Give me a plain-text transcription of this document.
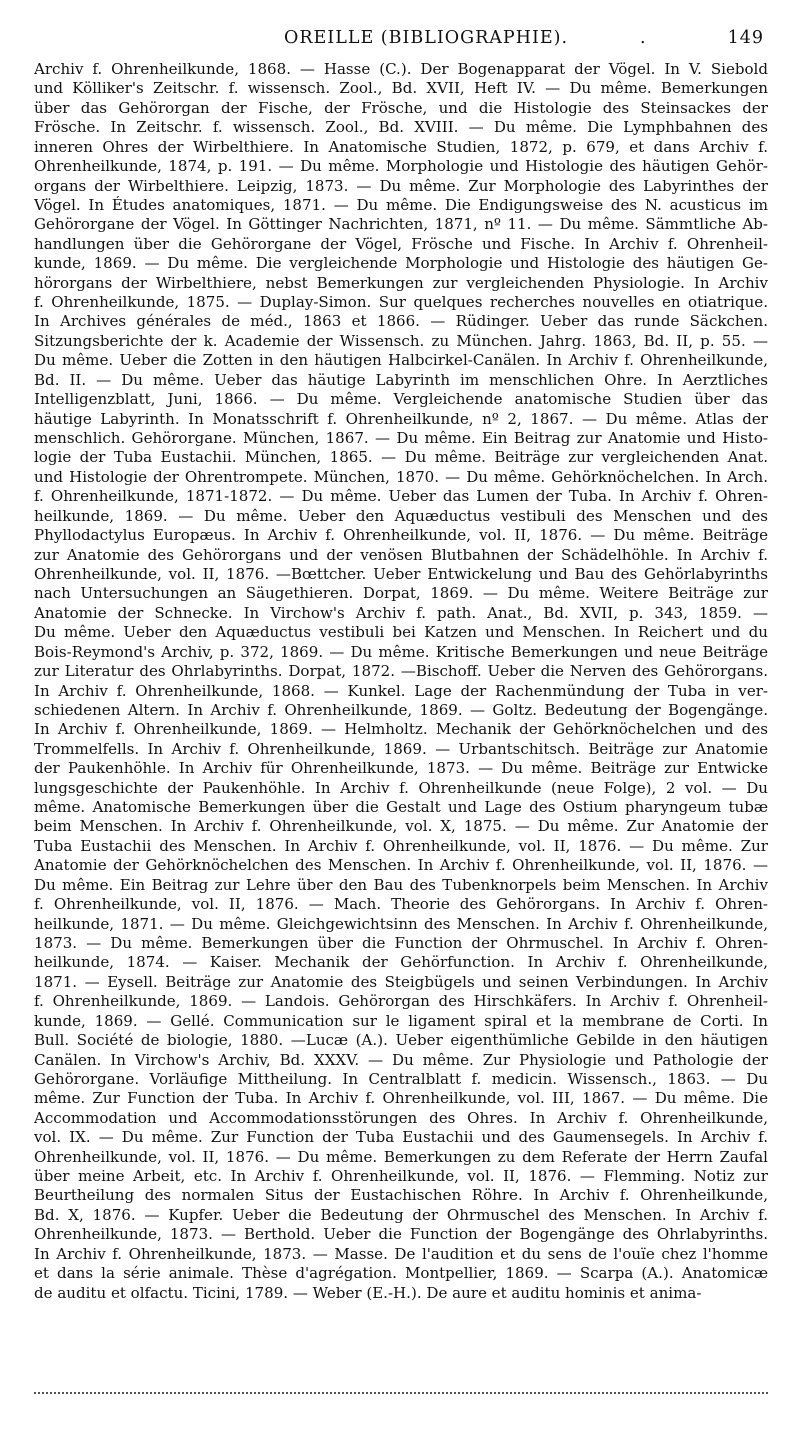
OREILLE (BIBLIOGRAPHIE).	.	149
Archiv f. Ohrenheilkunde, 1868. — Hasse (C.). Der Bogenapparat der Vögel. In V. Siebold
und Kölliker's Zeitschr. f. wissensch. Zool., Bd. XVII, Heft IV. — Du même. Bemerkungen
über das Gehörorgan der Fische, der Frösche, und die Histologie des Steinsackes der
Frösche. In Zeitschr. f. wissensch. Zool., Bd. XVIII. — Du même. Die Lymphbahnen des
inneren Ohres der Wirbelthiere. In Anatomische Studien, 1872, p. 679, et dans Archiv f.
Ohrenheilkunde, 1874, p. 191. — Du même. Morphologie und Histologie des häutigen Gehör-
organs der Wirbelthiere. Leipzig, 1873. — Du même. Zur Morphologie des Labyrinthes der
Vögel. In Études anatomiques, 1871. — Du même. Die Endigungsweise des N. acusticus im
Gehörorgane der Vögel. In Göttinger Nachrichten, 1871, nº 11. — Du même. Sämmtliche Ab-
handlungen über die Gehörorgane der Vögel, Frösche und Fische. In Archiv f. Ohrenheil-
kunde, 1869. — Du même. Die vergleichende Morphologie und Histologie des häutigen Ge-
hörorgans der Wirbelthiere, nebst Bemerkungen zur vergleichenden Physiologie. In Archiv
f. Ohrenheilkunde, 1875. — Duplay-Simon. Sur quelques recherches nouvelles en otiatrique.
In Archives générales de méd., 1863 et 1866. — Rüdinger. Ueber das runde Säckchen.
Sitzungsberichte der k. Academie der Wissensch. zu München. Jahrg. 1863, Bd. II, p. 55. —
Du même. Ueber die Zotten in den häutigen Halbcirkel-Canälen. In Archiv f. Ohrenheilkunde,
Bd. II. — Du même. Ueber das häutige Labyrinth im menschlichen Ohre. In Aerztliches
Intelligenzblatt, Juni, 1866. — Du même. Vergleichende anatomische Studien über das
häutige Labyrinth. In Monatsschrift f. Ohrenheilkunde, nº 2, 1867. — Du même. Atlas der
menschlich. Gehörorgane. München, 1867. — Du même. Ein Beitrag zur Anatomie und Histo-
logie der Tuba Eustachii. München, 1865. — Du même. Beiträge zur vergleichenden Anat.
und Histologie der Ohrentrompete. München, 1870. — Du même. Gehörknöchelchen. In Arch.
f. Ohrenheilkunde, 1871-1872. — Du même. Ueber das Lumen der Tuba. In Archiv f. Ohren-
heilkunde, 1869. — Du même. Ueber den Aquæductus vestibuli des Menschen und des
Phyllodactylus Europæus. In Archiv f. Ohrenheilkunde, vol. II, 1876. — Du même. Beiträge
zur Anatomie des Gehörorgans und der venösen Blutbahnen der Schädelhöhle. In Archiv f.
Ohrenheilkunde, vol. II, 1876. —Bœttcher. Ueber Entwickelung und Bau des Gehörlabyrinths
nach Untersuchungen an Säugethieren. Dorpat, 1869. — Du même. Weitere Beiträge zur
Anatomie der Schnecke. In Virchow's Archiv f. path. Anat., Bd. XVII, p. 343, 1859. —
Du même. Ueber den Aquæductus vestibuli bei Katzen und Menschen. In Reichert und du
Bois-Reymond's Archiv, p. 372, 1869. — Du même. Kritische Bemerkungen und neue Beiträge
zur Literatur des Ohrlabyrinths. Dorpat, 1872. —Bischoff. Ueber die Nerven des Gehörorgans.
In Archiv f. Ohrenheilkunde, 1868. — Kunkel. Lage der Rachenmündung der Tuba in ver-
schiedenen Altern. In Archiv f. Ohrenheilkunde, 1869. — Goltz. Bedeutung der Bogengänge.
In Archiv f. Ohrenheilkunde, 1869. — Helmholtz. Mechanik der Gehörknöchelchen und des
Trommelfells. In Archiv f. Ohrenheilkunde, 1869. — Urbantschitsch. Beiträge zur Anatomie
der Paukenhöhle. In Archiv für Ohrenheilkunde, 1873. — Du même. Beiträge zur Entwicke
lungsgeschichte der Paukenhöhle. In Archiv f. Ohrenheilkunde (neue Folge), 2 vol. — Du
même. Anatomische Bemerkungen über die Gestalt und Lage des Ostium pharyngeum tubæ
beim Menschen. In Archiv f. Ohrenheilkunde, vol. X, 1875. — Du même. Zur Anatomie der
Tuba Eustachii des Menschen. In Archiv f. Ohrenheilkunde, vol. II, 1876. — Du même. Zur
Anatomie der Gehörknöchelchen des Menschen. In Archiv f. Ohrenheilkunde, vol. II, 1876. —
Du même. Ein Beitrag zur Lehre über den Bau des Tubenknorpels beim Menschen. In Archiv
f. Ohrenheilkunde, vol. II, 1876. — Mach. Theorie des Gehörorgans. In Archiv f. Ohren-
heilkunde, 1871. — Du même. Gleichgewichtsinn des Menschen. In Archiv f. Ohrenheilkunde,
1873. — Du même. Bemerkungen über die Function der Ohrmuschel. In Archiv f. Ohren-
heilkunde, 1874. — Kaiser. Mechanik der Gehörfunction. In Archiv f. Ohrenheilkunde,
1871. — Eysell. Beiträge zur Anatomie des Steigbügels und seinen Verbindungen. In Archiv
f. Ohrenheilkunde, 1869. — Landois. Gehörorgan des Hirschkäfers. In Archiv f. Ohrenheil-
kunde, 1869. — Gellé. Communication sur le ligament spiral et la membrane de Corti. In
Bull. Société de biologie, 1880. —Lucæ (A.). Ueber eigenthümliche Gebilde in den häutigen
Canälen. In Virchow's Archiv, Bd. XXXV. — Du même. Zur Physiologie und Pathologie der
Gehörorgane. Vorläufige Mittheilung. In Centralblatt f. medicin. Wissensch., 1863. — Du
même. Zur Function der Tuba. In Archiv f. Ohrenheilkunde, vol. III, 1867. — Du même. Die
Accommodation und Accommodationsstörungen des Ohres. In Archiv f. Ohrenheilkunde,
vol. IX. — Du même. Zur Function der Tuba Eustachii und des Gaumensegels. In Archiv f.
Ohrenheilkunde, vol. II, 1876. — Du même. Bemerkungen zu dem Referate der Herrn Zaufal
über meine Arbeit, etc. In Archiv f. Ohrenheilkunde, vol. II, 1876. — Flemming. Notiz zur
Beurtheilung des normalen Situs der Eustachischen Röhre. In Archiv f. Ohrenheilkunde,
Bd. X, 1876. — Kupfer. Ueber die Bedeutung der Ohrmuschel des Menschen. In Archiv f.
Ohrenheilkunde, 1873. — Berthold. Ueber die Function der Bogengänge des Ohrlabyrinths.
In Archiv f. Ohrenheilkunde, 1873. — Masse. De l'audition et du sens de l'ouïe chez l'homme
et dans la série animale. Thèse d'agrégation. Montpellier, 1869. — Scarpa (A.). Anatomicæ
de auditu et olfactu. Ticini, 1789. — Weber (E.-H.). De aure et auditu hominis et anima-
